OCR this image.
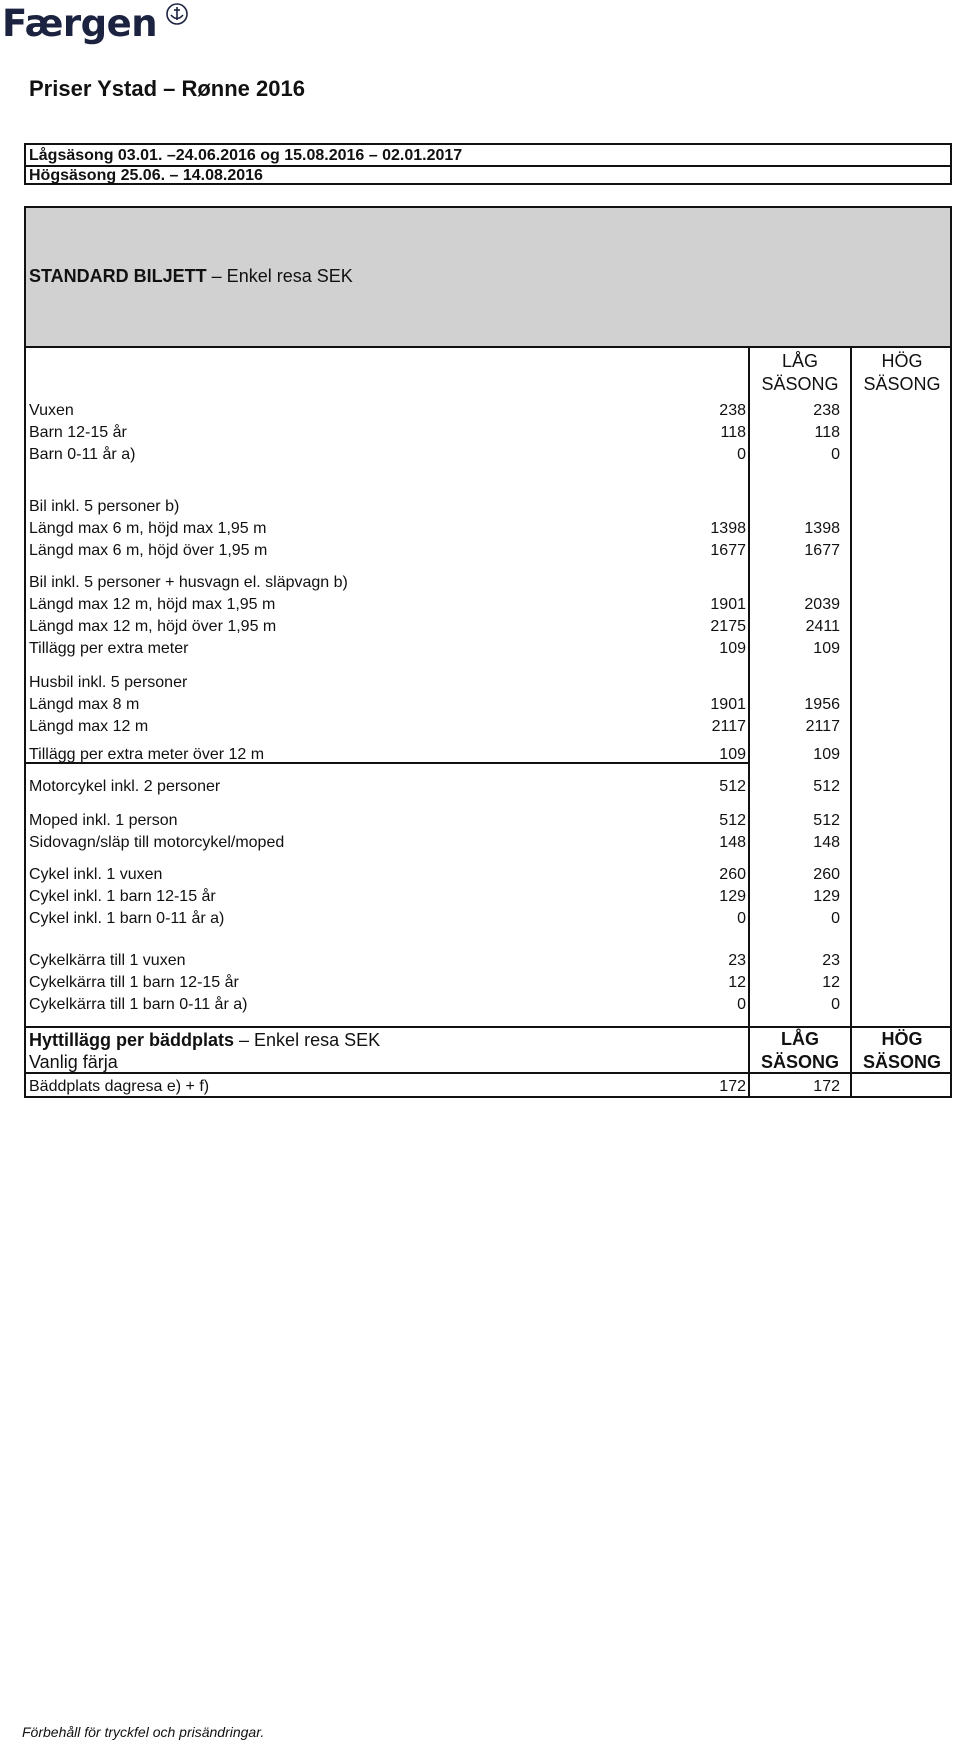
Færgen
Priser Ystad – Rønne 2016
Lågsäsong 03.01. –24.06.2016 og 15.08.2016 – 02.01.2017
Högsäsong 25.06. – 14.08.2016
STANDARD BILJETT – Enkel resa SEK
LÅG
SÄSONG
HÖG
SÄSONG
Vuxen	238	238
Barn 12-15 år	118	118
Barn 0-11 år a)	0	0
Bil inkl. 5 personer b)
Längd max 6 m, höjd max 1,95 m	1398	1398
Längd max 6 m, höjd över 1,95 m	1677	1677
Bil inkl. 5 personer + husvagn el. släpvagn b)
Längd max 12 m, höjd max 1,95 m	1901	2039
Längd max 12 m, höjd över 1,95 m	2175	2411
Tillägg per extra meter	109	109
Husbil inkl. 5 personer
Längd max 8 m	1901	1956
Längd max 12 m	2117	2117
Tillägg per extra meter över 12 m	109	109
Motorcykel inkl. 2 personer	512	512
Moped inkl. 1 person	512	512
Sidovagn/släp till motorcykel/moped	148	148
Cykel inkl. 1 vuxen	260	260
Cykel inkl. 1 barn 12-15 år	129	129
Cykel inkl. 1 barn 0-11 år a)	0	0
Cykelkärra till 1 vuxen	23	23
Cykelkärra till 1 barn 12-15 år	12	12
Cykelkärra till 1 barn 0-11 år a)	0	0
Hyttillägg per bäddplats – Enkel resa SEK
Vanlig färja
LÅG
SÄSONG
HÖG
SÄSONG
Bäddplats dagresa e) + f)	172	172
Förbehåll för tryckfel och prisändringar.
